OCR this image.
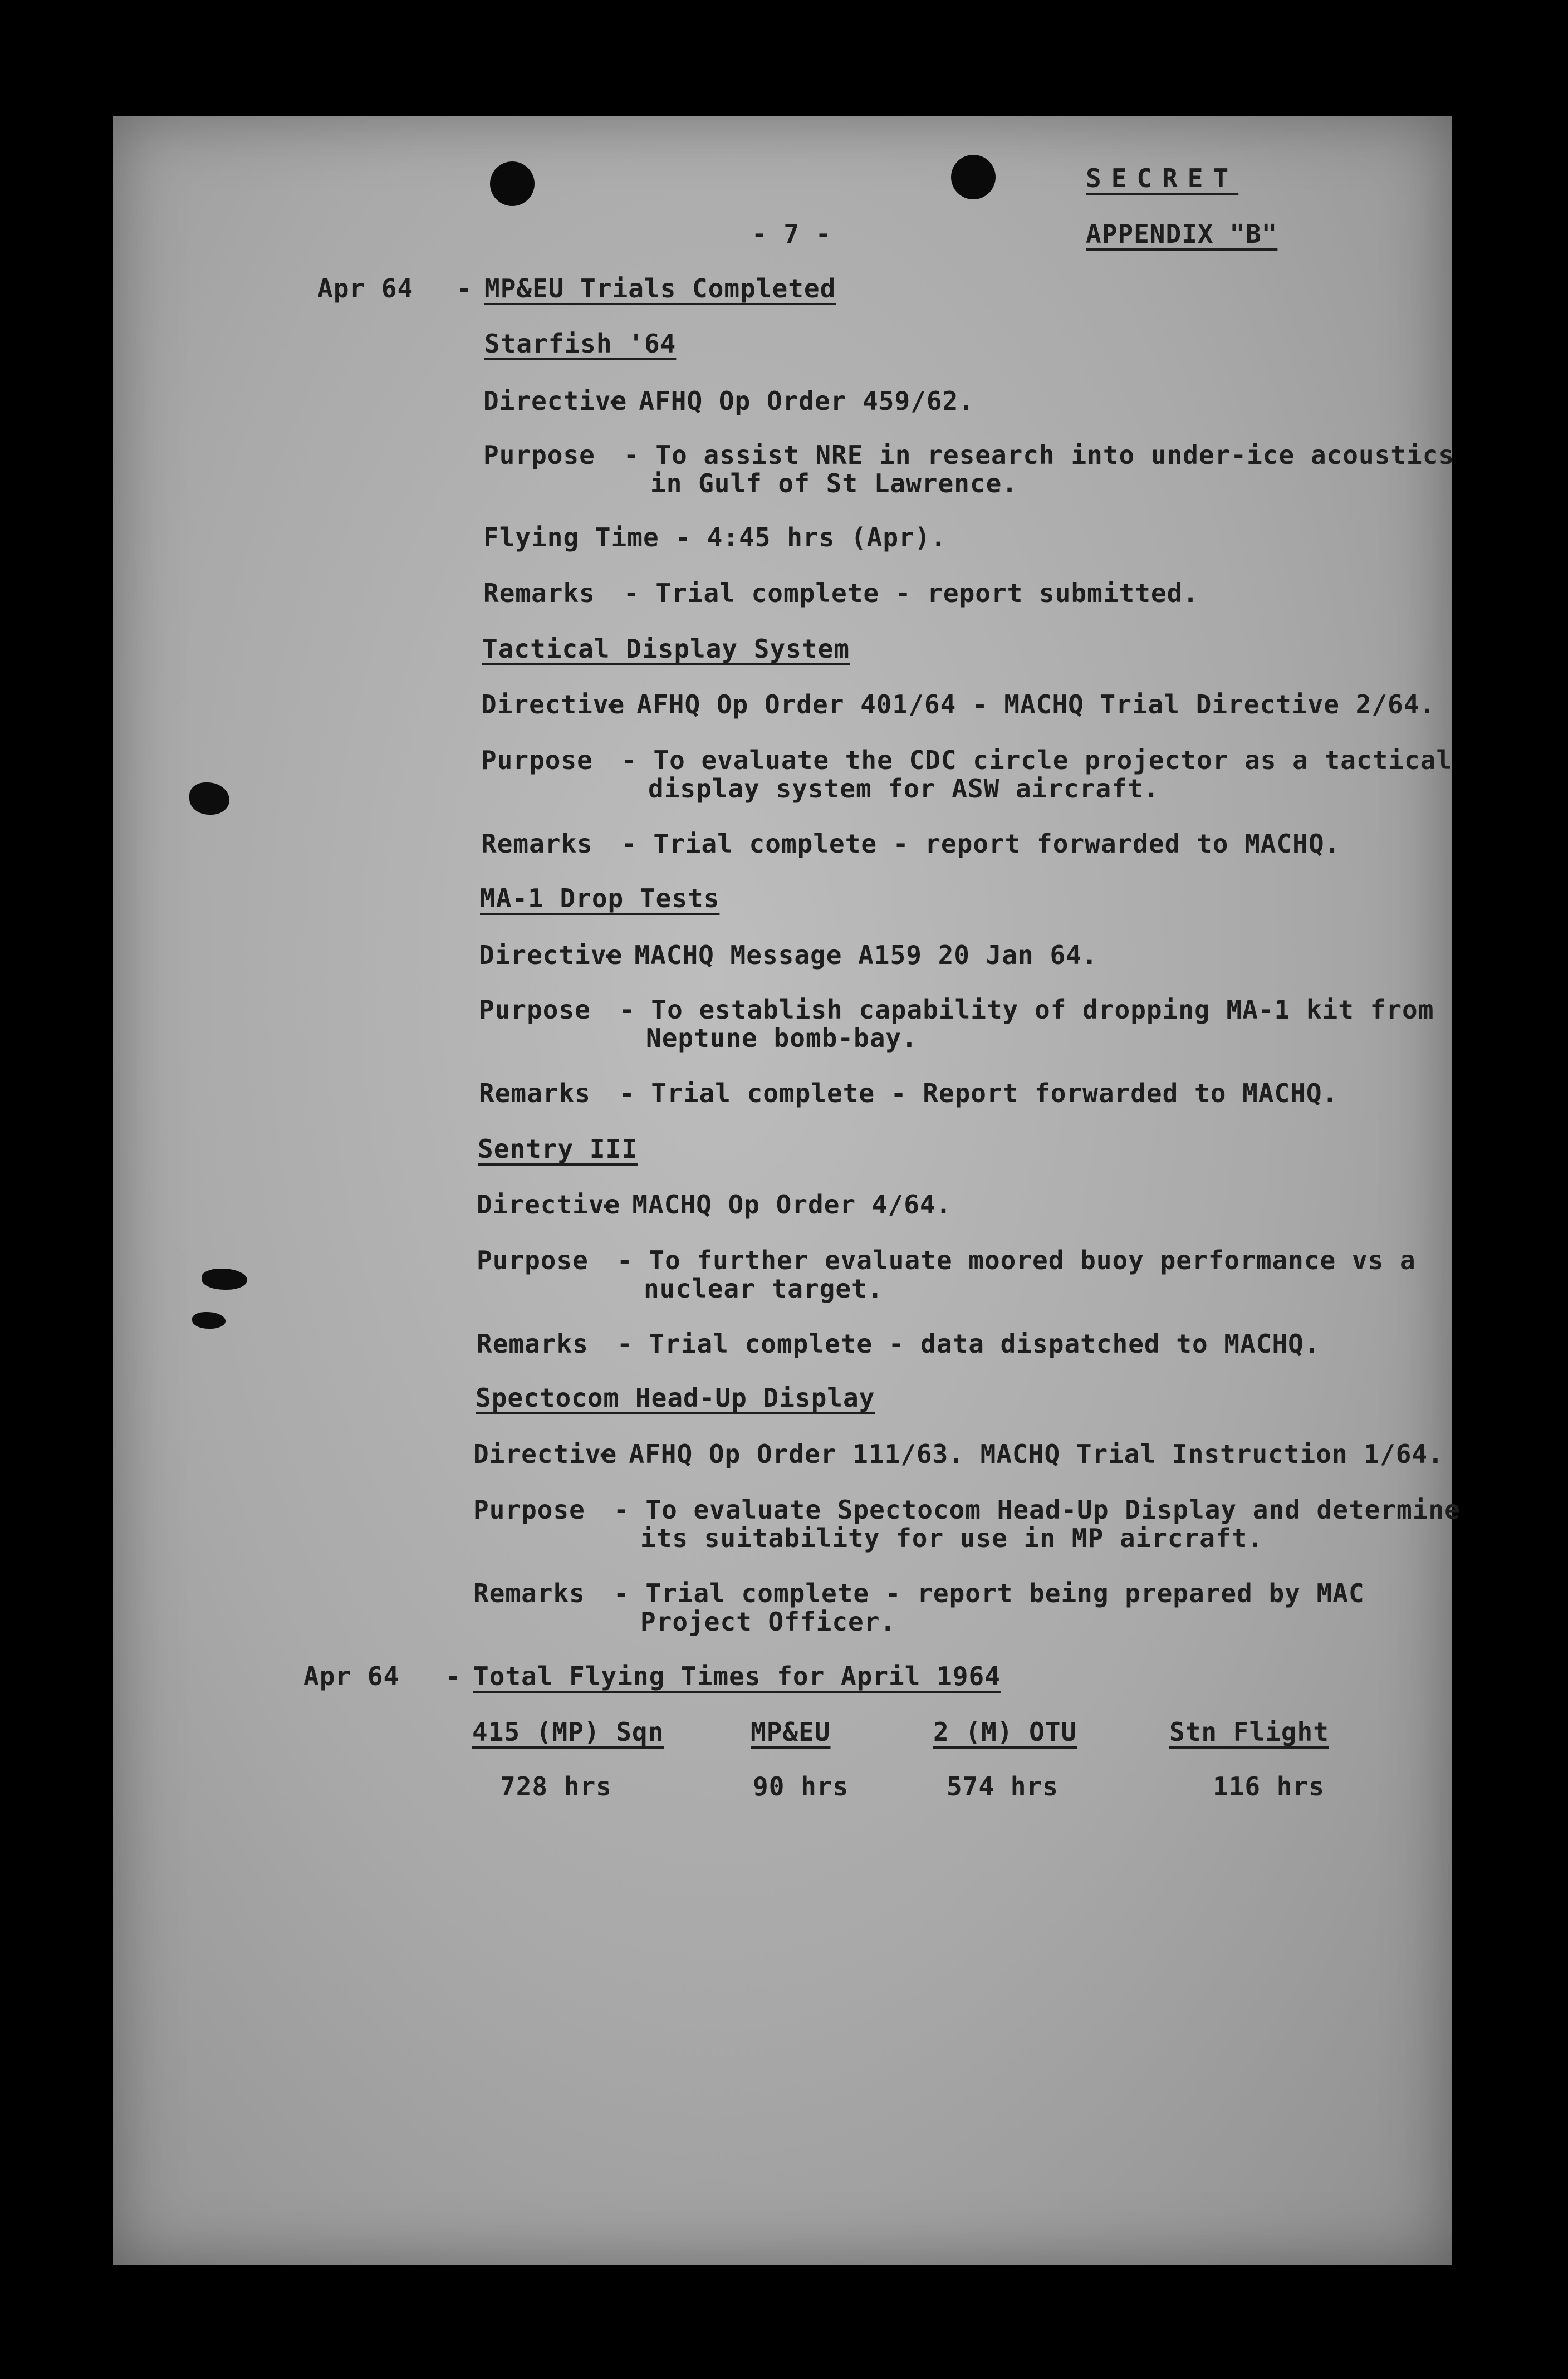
SECRET
- 7 -	APPENDIX "B"
Apr 64 - MP&EU Trials Completed
Starfish '64
Directive
- AFHQ Op Order 459/62.
Purpose - To assist NRE in research into under-ice acoustics
in Gulf of St Lawrence.
Flying Time - 4:45 hrs (Apr).
Remarks - Trial complete - report submitted.
Tactical Display System
Directive
- AFHQ Op Order 401/64 - MACHQ Trial Directive 2/64.
Purpose - To evaluate the CDC circle projector as a tactical
display system for ASW aircraft.
Remarks - Trial complete - report forwarded to MACHQ.
MA-1 Drop Tests
Directive
- MACHQ Message A159 20 Jan 64.
Purpose - To establish capability of dropping MA-1 kit from
Neptune bomb-bay.
Remarks - Trial complete - Report forwarded to MACHQ.
Sentry III
Directive
- MACHQ Op Order 4/64.
Purpose - To further evaluate moored buoy performance vs a
nuclear target.
Remarks - Trial complete - data dispatched to MACHQ.
Spectocom Head-Up Display
Directive
- AFHQ Op Order 111/63. MACHQ Trial Instruction 1/64.
Purpose - To evaluate Spectocom Head-Up Display and determine
its suitability for use in MP aircraft.
Remarks - Trial complete - report being prepared by MAC
Project Officer.
Apr 64 - Total Flying Times for April 1964
415 (MP) Sqn	MP&EU	2 (M) OTU	Stn Flight
728 hrs	90 hrs	574 hrs	116 hrs
